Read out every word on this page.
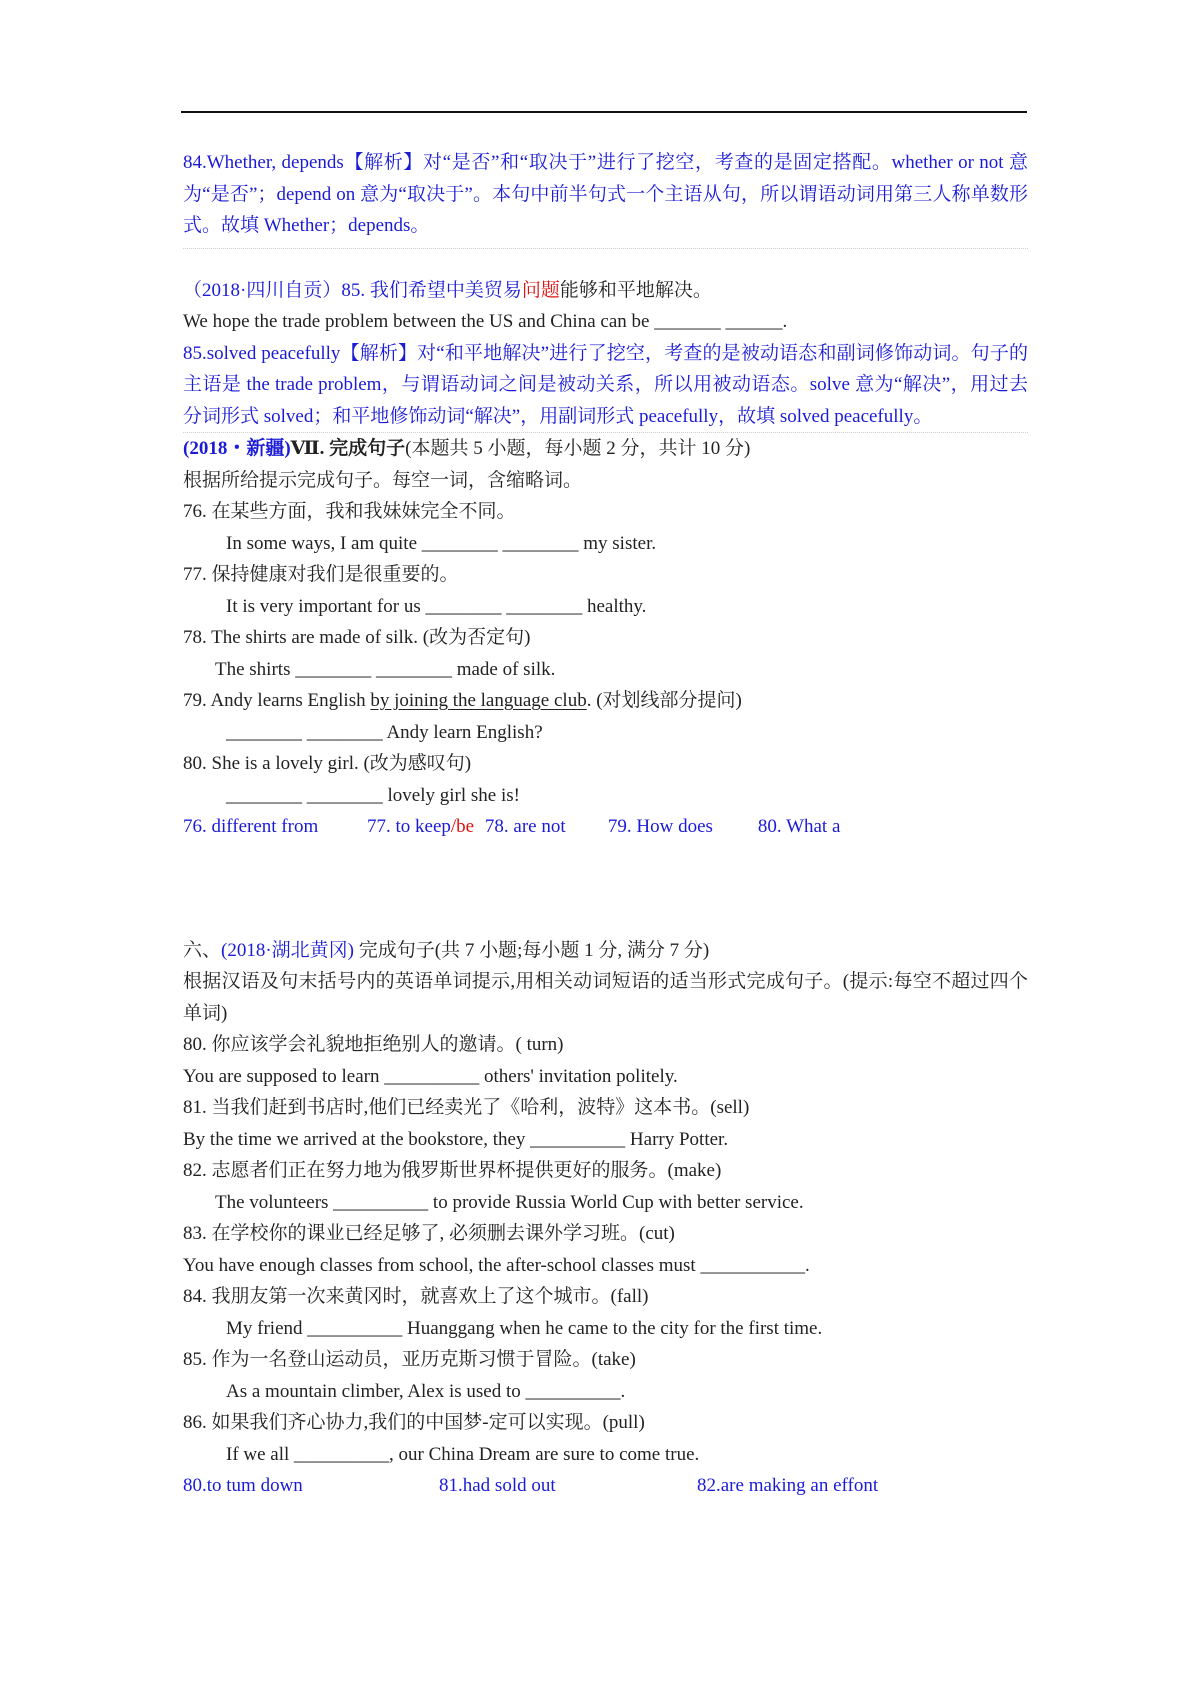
84.Whether, depends【解析】对“是否”和“取决于”进行了挖空，考查的是固定搭配。whether or not 意为“是否”；depend on 意为“取决于”。本句中前半句式一个主语从句，所以谓语动词用第三人称单数形式。故填 Whether；depends。

（2018·四川自贡）85. 我们希望中美贸易问题能够和平地解决。

We hope the trade problem between the US and China can be _______ ______.

85.solved peacefully【解析】对“和平地解决”进行了挖空，考查的是被动语态和副词修饰动词。句子的主语是 the trade problem，与谓语动词之间是被动关系，所以用被动语态。solve 意为“解决”，用过去分词形式 solved；和平地修饰动词“解决”，用副词形式 peacefully，故填 solved peacefully。

(2018・新疆)Ⅶ. 完成句子(本题共 5 小题，每小题 2 分，共计 10 分)

根据所给提示完成句子。每空一词，含缩略词。

76. 在某些方面，我和我妹妹完全不同。

In some ways, I am quite ________ ________ my sister.

77. 保持健康对我们是很重要的。

It is very important for us ________ ________ healthy.

78. The shirts are made of silk. (改为否定句)

The shirts ________ ________ made of silk.

79. Andy learns English by joining the language club. (对划线部分提问)

________ ________ Andy learn English?

80. She is a lovely girl. (改为感叹句)

________ ________ lovely girl she is!

76. different from	77. to keep /be 78. are not	79. How does	80. What a

六、(2018·湖北黄冈) 完成句子(共 7 小题;每小题 1 分, 满分 7 分)

根据汉语及句末括号内的英语单词提示,用相关动词短语的适当形式完成句子。(提示:每空不超过四个单词)

80. 你应该学会礼貌地拒绝别人的邀请。( turn)

You are supposed to learn __________ others' invitation politely.

81. 当我们赶到书店时,他们已经卖光了《哈利，波特》这本书。(sell)

By the time we arrived at the bookstore, they __________ Harry Potter.

82. 志愿者们正在努力地为俄罗斯世界杯提供更好的服务。(make)

The volunteers __________ to provide Russia World Cup with better service.

83. 在学校你的课业已经足够了, 必须删去课外学习班。(cut)

You have enough classes from school, the after-school classes must ___________.

84. 我朋友第一次来黄冈时，就喜欢上了这个城市。(fall)

My friend __________ Huanggang when he came to the city for the first time.

85. 作为一名登山运动员，亚历克斯习惯于冒险。(take)

As a mountain climber, Alex is used to __________.

86. 如果我们齐心协力,我们的中国梦-定可以实现。(pull)

If we all __________, our China Dream are sure to come true.

80.to tum down	81.had sold out	82.are making an effont
